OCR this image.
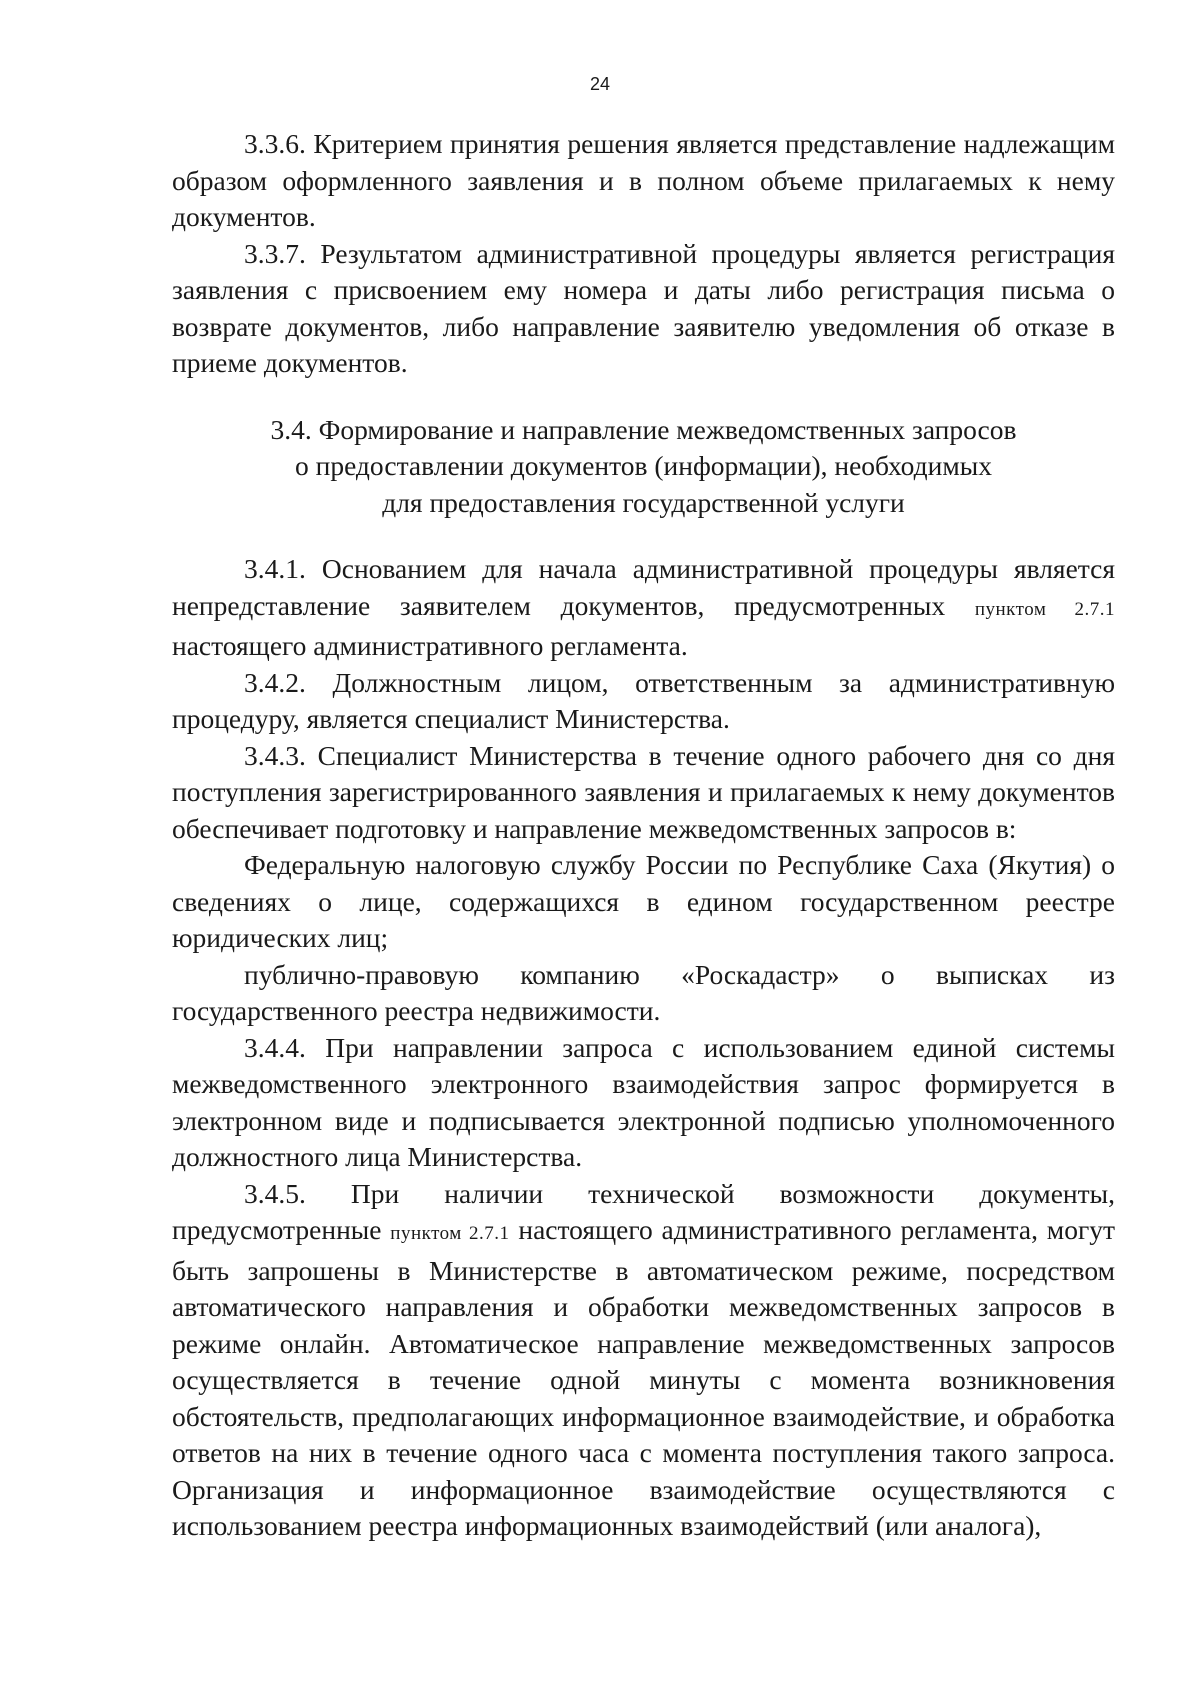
24

3.3.6. Критерием принятия решения является представление надлежащим образом оформленного заявления и в полном объеме прилагаемых к нему документов.

3.3.7. Результатом административной процедуры является регистрация заявления с присвоением ему номера и даты либо регистрация письма о возврате документов, либо направление заявителю уведомления об отказе в приеме документов.

3.4. Формирование и направление межведомственных запросов
о предоставлении документов (информации), необходимых
для предоставления государственной услуги

3.4.1. Основанием для начала административной процедуры является непредставление заявителем документов, предусмотренных пунктом 2.7.1 настоящего административного регламента.

3.4.2. Должностным лицом, ответственным за административную процедуру, является специалист Министерства.

3.4.3. Специалист Министерства в течение одного рабочего дня со дня поступления зарегистрированного заявления и прилагаемых к нему документов обеспечивает подготовку и направление межведомственных запросов в:

Федеральную налоговую службу России по Республике Саха (Якутия) о сведениях о лице, содержащихся в едином государственном реестре юридических лиц;

публично-правовую компанию «Роскадастр» о выписках из государственного реестра недвижимости.

3.4.4. При направлении запроса с использованием единой системы межведомственного электронного взаимодействия запрос формируется в электронном виде и подписывается электронной подписью уполномоченного должностного лица Министерства.

3.4.5. При наличии технической возможности документы, предусмотренные пунктом 2.7.1 настоящего административного регламента, могут быть запрошены в Министерстве в автоматическом режиме, посредством автоматического направления и обработки межведомственных запросов в режиме онлайн. Автоматическое направление межведомственных запросов осуществляется в течение одной минуты с момента возникновения обстоятельств, предполагающих информационное взаимодействие, и обработка ответов на них в течение одного часа с момента поступления такого запроса. Организация и информационное взаимодействие осуществляются с использованием реестра информационных взаимодействий (или аналога),
